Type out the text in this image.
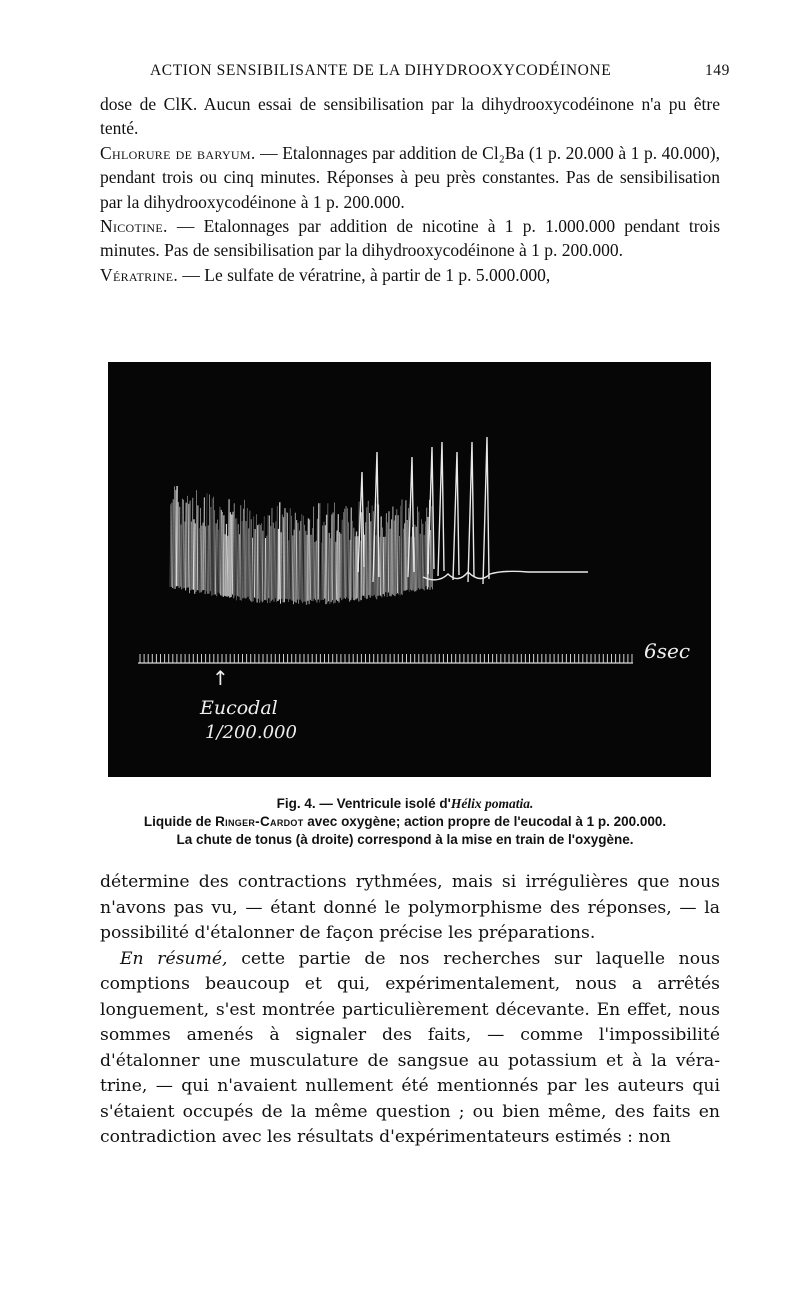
ACTION SENSIBILISANTE DE LA DIHYDROOXYCODÉINONE	149

dose de ClK. Aucun essai de sensibilisation par la dihydrooxycodéinone n'a pu être tenté.

Chlorure de baryum. — Etalonnages par addition de Cl₂Ba (1 p. 20.000 à 1 p. 40.000), pendant trois ou cinq minutes. Réponses à peu près constantes. Pas de sensibilisation par la dihydrooxycodéinone à 1 p. 200.000.

Nicotine. — Etalonnages par addition de nicotine à 1 p. 1.000.000 pendant trois minutes. Pas de sensibilisation par la dihydrooxycodéinone à 1 p. 200.000.

Vératrine. — Le sulfate de vératrine, à partir de 1 p. 5.000.000,

6sec
↑
Eucodal
1/200.000
Fig. 4. — Ventricule isolé d'Hélix pomatia.
Liquide de Ringer-Cardot avec oxygène; action propre de l'eucodal à 1 p. 200.000.
La chute de tonus (à droite) correspond à la mise en train de l'oxygène.

détermine des contractions rythmées, mais si irrégulières que nous n'avons pas vu, — étant donné le polymorphisme des réponses, — la possibilité d'étalonner de façon précise les préparations.

En résumé, cette partie de nos recherches sur laquelle nous comptions beaucoup et qui, expérimentalement, nous a arrêtés longuement, s'est montrée particulièrement décevante. En effet, nous sommes amenés à signaler des faits, — comme l'impossibilité d'étalonner une musculature de sangsue au potassium et à la vératrine, — qui n'avaient nullement été mentionnés par les auteurs qui s'étaient occupés de la même question ; ou bien même, des faits en contradiction avec les résultats d'expérimentateurs estimés : non
